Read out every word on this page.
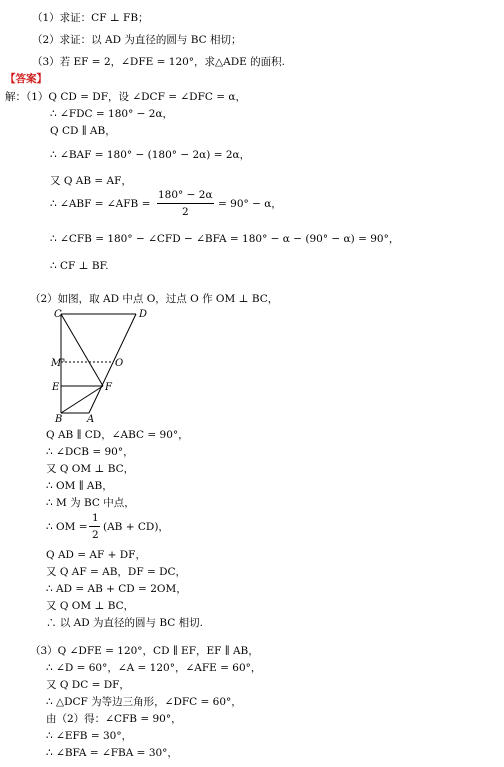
（1）求证：CF ⊥ FB；
（2）求证：以 AD 为直径的圆与 BC 相切；
（3）若 EF = 2，∠DFE = 120°，求△ADE 的面积.
【答案】
解：（1）Q CD = DF，设 ∠DCF = ∠DFC = α，
∴ ∠FDC = 180° − 2α，
Q CD ∥ AB，
∴ ∠BAF = 180° − (180° − 2α) = 2α，
又 Q AB = AF，
∴ ∠ABF = ∠AFB =
180° − 2α
2
= 90° − α，
∴ ∠CFB = 180° − ∠CFD − ∠BFA = 180° − α − (90° − α) = 90°，
∴ CF ⊥ BF.
（2）如图，取 AD 中点 O，过点 O 作 OM ⊥ BC，
C	D
M	O
E	F
B A
Q AB ∥ CD，∠ABC = 90°，
∴ ∠DCB = 90°，
又 Q OM ⊥ BC，
∴ OM ∥ AB，
∴ M 为 BC 中点，
∴ OM =
1
2
(AB + CD)，
Q AD = AF + DF，
又 Q AF = AB，DF = DC，
∴ AD = AB + CD = 2OM，
又 Q OM ⊥ BC，
∴ 以 AD 为直径的圆与 BC 相切.
（3）Q ∠DFE = 120°，CD ∥ EF，EF ∥ AB，
∴ ∠D = 60°，∠A = 120°，∠AFE = 60°，
又 Q DC = DF，
∴ △DCF 为等边三角形，∠DFC = 60°，
由（2）得：∠CFB = 90°，
∴ ∠EFB = 30°，
∴ ∠BFA = ∠FBA = 30°，
